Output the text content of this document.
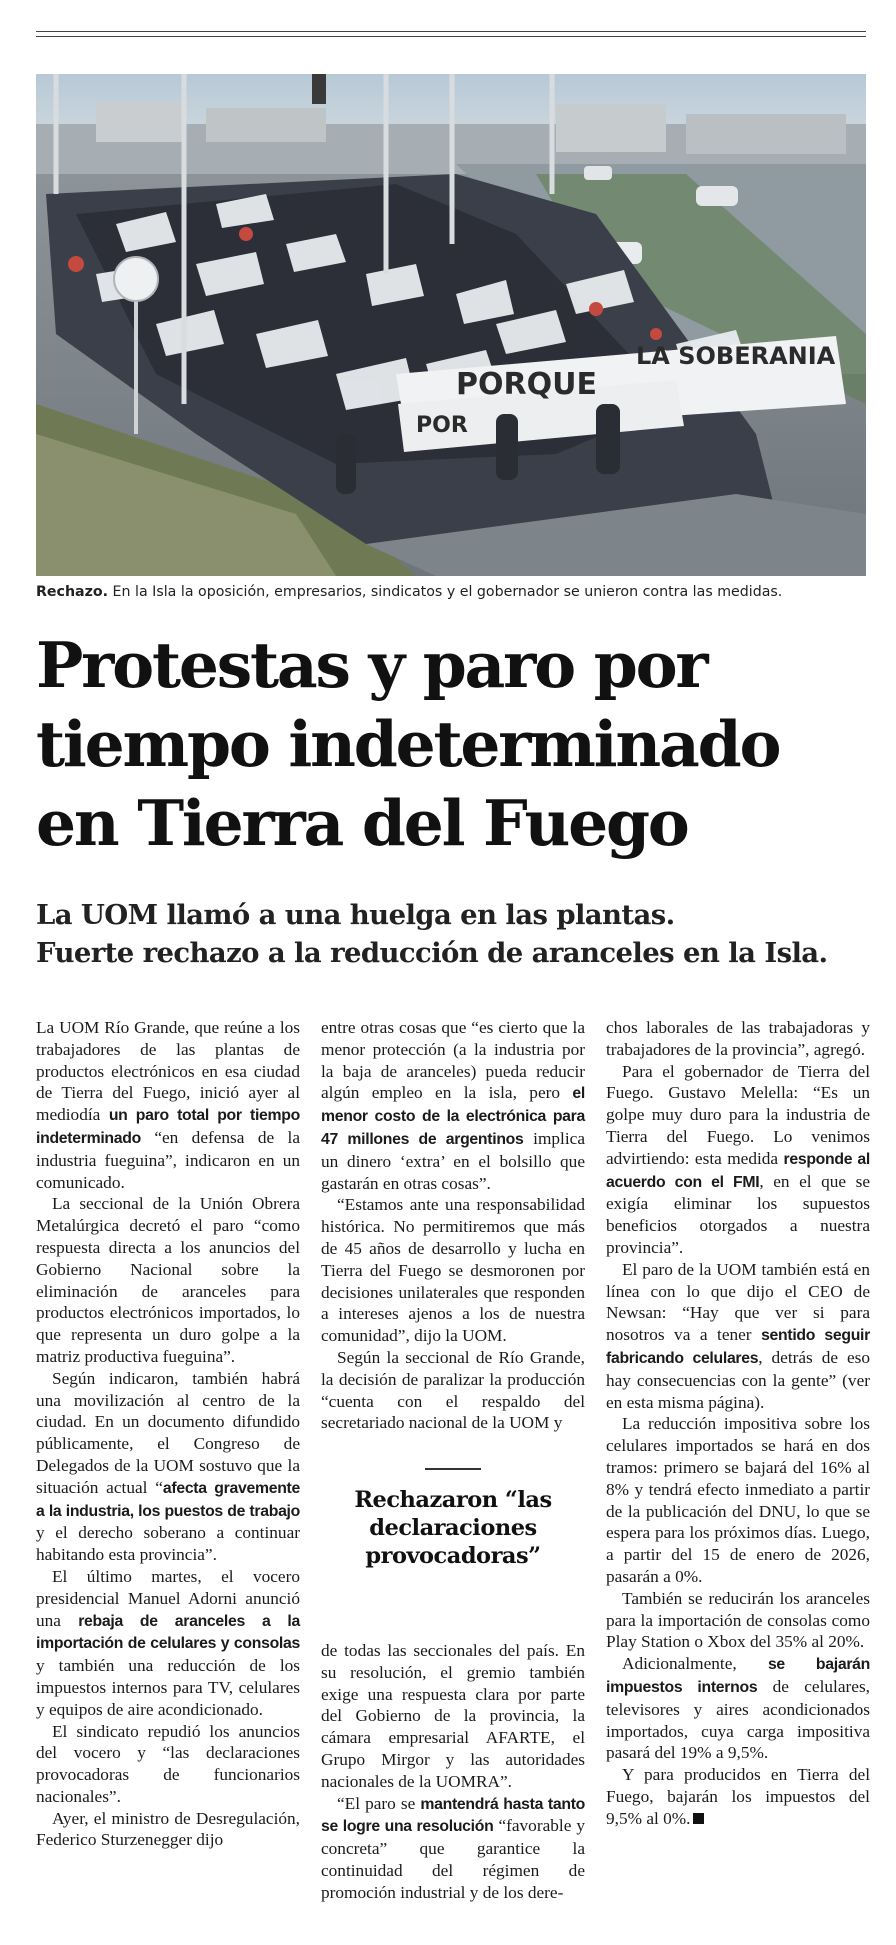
LA SOBERANIA
PORQUE
POR
Rechazo. En la Isla la oposición, empresarios, sindicatos y el gobernador se unieron contra las medidas.
Protestas y paro por
tiempo indeterminado
en Tierra del Fuego
La UOM llamó a una huelga en las plantas.
Fuerte rechazo a la reducción de aranceles en la Isla.

La UOM Río Grande, que reúne a los trabajadores de las plantas de productos electrónicos en esa ciudad de Tierra del Fuego, inició ayer al mediodía un paro total por tiempo indeterminado “en defensa de la industria fueguina”, indicaron en un comunicado.

La seccional de la Unión Obrera Metalúrgica decretó el paro “como respuesta directa a los anuncios del Gobierno Nacional sobre la eliminación de aranceles para productos electrónicos importados, lo que representa un duro golpe a la matriz productiva fueguina”.

Según indicaron, también habrá una movilización al centro de la ciudad. En un documento difundido públicamente, el Congreso de Delegados de la UOM sostuvo que la situación actual “afecta gravemente a la industria, los puestos de trabajo y el derecho soberano a continuar habitando esta provincia”.

El último martes, el vocero presidencial Manuel Adorni anunció una rebaja de aranceles a la importación de celulares y consolas y también una reducción de los impuestos internos para TV, celulares y equipos de aire acondicionado.

El sindicato repudió los anuncios del vocero y “las declaraciones provocadoras de funcionarios nacionales”.

Ayer, el ministro de Desregulación, Federico Sturzenegger dijo

entre otras cosas que “es cierto que la menor protección (a la industria por la baja de aranceles) pueda reducir algún empleo en la isla, pero el menor costo de la electrónica para 47 millones de argentinos implica un dinero ‘extra’ en el bolsillo que gastarán en otras cosas”.

“Estamos ante una responsabilidad histórica. No permitiremos que más de 45 años de desarrollo y lucha en Tierra del Fuego se desmoronen por decisiones unilaterales que responden a intereses ajenos a los de nuestra comunidad”, dijo la UOM.

Según la seccional de Río Grande, la decisión de paralizar la producción “cuenta con el respaldo del secretariado nacional de la UOM y

Rechazaron “las declaraciones provocadoras”

de todas las seccionales del país. En su resolución, el gremio también exige una respuesta clara por parte del Gobierno de la provincia, la cámara empresarial AFARTE, el Grupo Mirgor y las autoridades nacionales de la UOMRA”.

“El paro se mantendrá hasta tanto se logre una resolución “favorable y concreta” que garantice la continuidad del régimen de promoción industrial y de los dere-

chos laborales de las trabajadoras y trabajadores de la provincia”, agregó.

Para el gobernador de Tierra del Fuego. Gustavo Melella: “Es un golpe muy duro para la industria de Tierra del Fuego. Lo venimos advirtiendo: esta medida responde al acuerdo con el FMI, en el que se exigía eliminar los supuestos beneficios otorgados a nuestra provincia”.

El paro de la UOM también está en línea con lo que dijo el CEO de Newsan: “Hay que ver si para nosotros va a tener sentido seguir fabricando celulares, detrás de eso hay consecuencias con la gente” (ver en esta misma página).

La reducción impositiva sobre los celulares importados se hará en dos tramos: primero se bajará del 16% al 8% y tendrá efecto inmediato a partir de la publicación del DNU, lo que se espera para los próximos días. Luego, a partir del 15 de enero de 2026, pasarán a 0%.

También se reducirán los aranceles para la importación de consolas como Play Station o Xbox del 35% al 20%.

Adicionalmente, se bajarán impuestos internos de celulares, televisores y aires acondicionados importados, cuya carga impositiva pasará del 19% a 9,5%.

Y para producidos en Tierra del Fuego, bajarán los impuestos del 9,5% al 0%.
